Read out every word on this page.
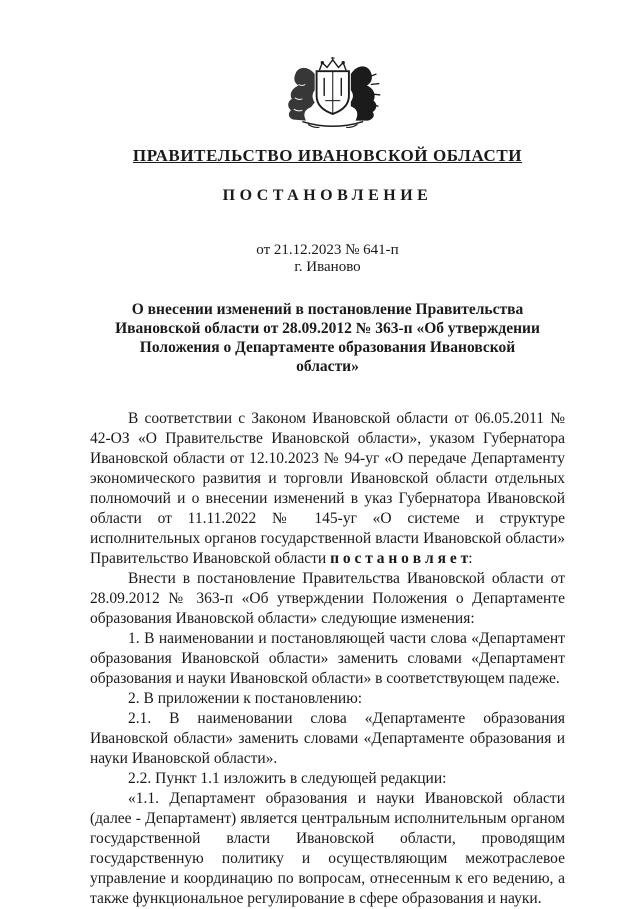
ПРАВИТЕЛЬСТВО ИВАНОВСКОЙ ОБЛАСТИ
ПОСТАНОВЛЕНИЕ
от 21.12.2023 № 641-п
г. Иваново
О внесении изменений в постановление Правительства Ивановской области от 28.09.2012 № 363-п «Об утверждении Положения о Департаменте образования Ивановской области»

В соответствии с Законом Ивановской области от 06.05.2011 № 42-ОЗ «О Правительстве Ивановской области», указом Губернатора Ивановской области от 12.10.2023 № 94-уг «О передаче Департаменту экономического развития и торговли Ивановской области отдельных полномочий и о внесении изменений в указ Губернатора Ивановской области от 11.11.2022 № 145-уг «О системе и структуре исполнительных органов государственной власти Ивановской области» Правительство Ивановской области п о с т а н о в л я е т:

Внести в постановление Правительства Ивановской области от 28.09.2012 № 363-п «Об утверждении Положения о Департаменте образования Ивановской области» следующие изменения:

1. В наименовании и постановляющей части слова «Департамент образования Ивановской области» заменить словами «Департамент образования и науки Ивановской области» в соответствующем падеже.

2. В приложении к постановлению:

2.1. В наименовании слова «Департаменте образования Ивановской области» заменить словами «Департаменте образования и науки Ивановской области».

2.2. Пункт 1.1 изложить в следующей редакции:

«1.1. Департамент образования и науки Ивановской области (далее - Департамент) является центральным исполнительным органом государственной власти Ивановской области, проводящим государственную политику и осуществляющим межотраслевое управление и координацию по вопросам, отнесенным к его ведению, а также функциональное регулирование в сфере образования и науки.
